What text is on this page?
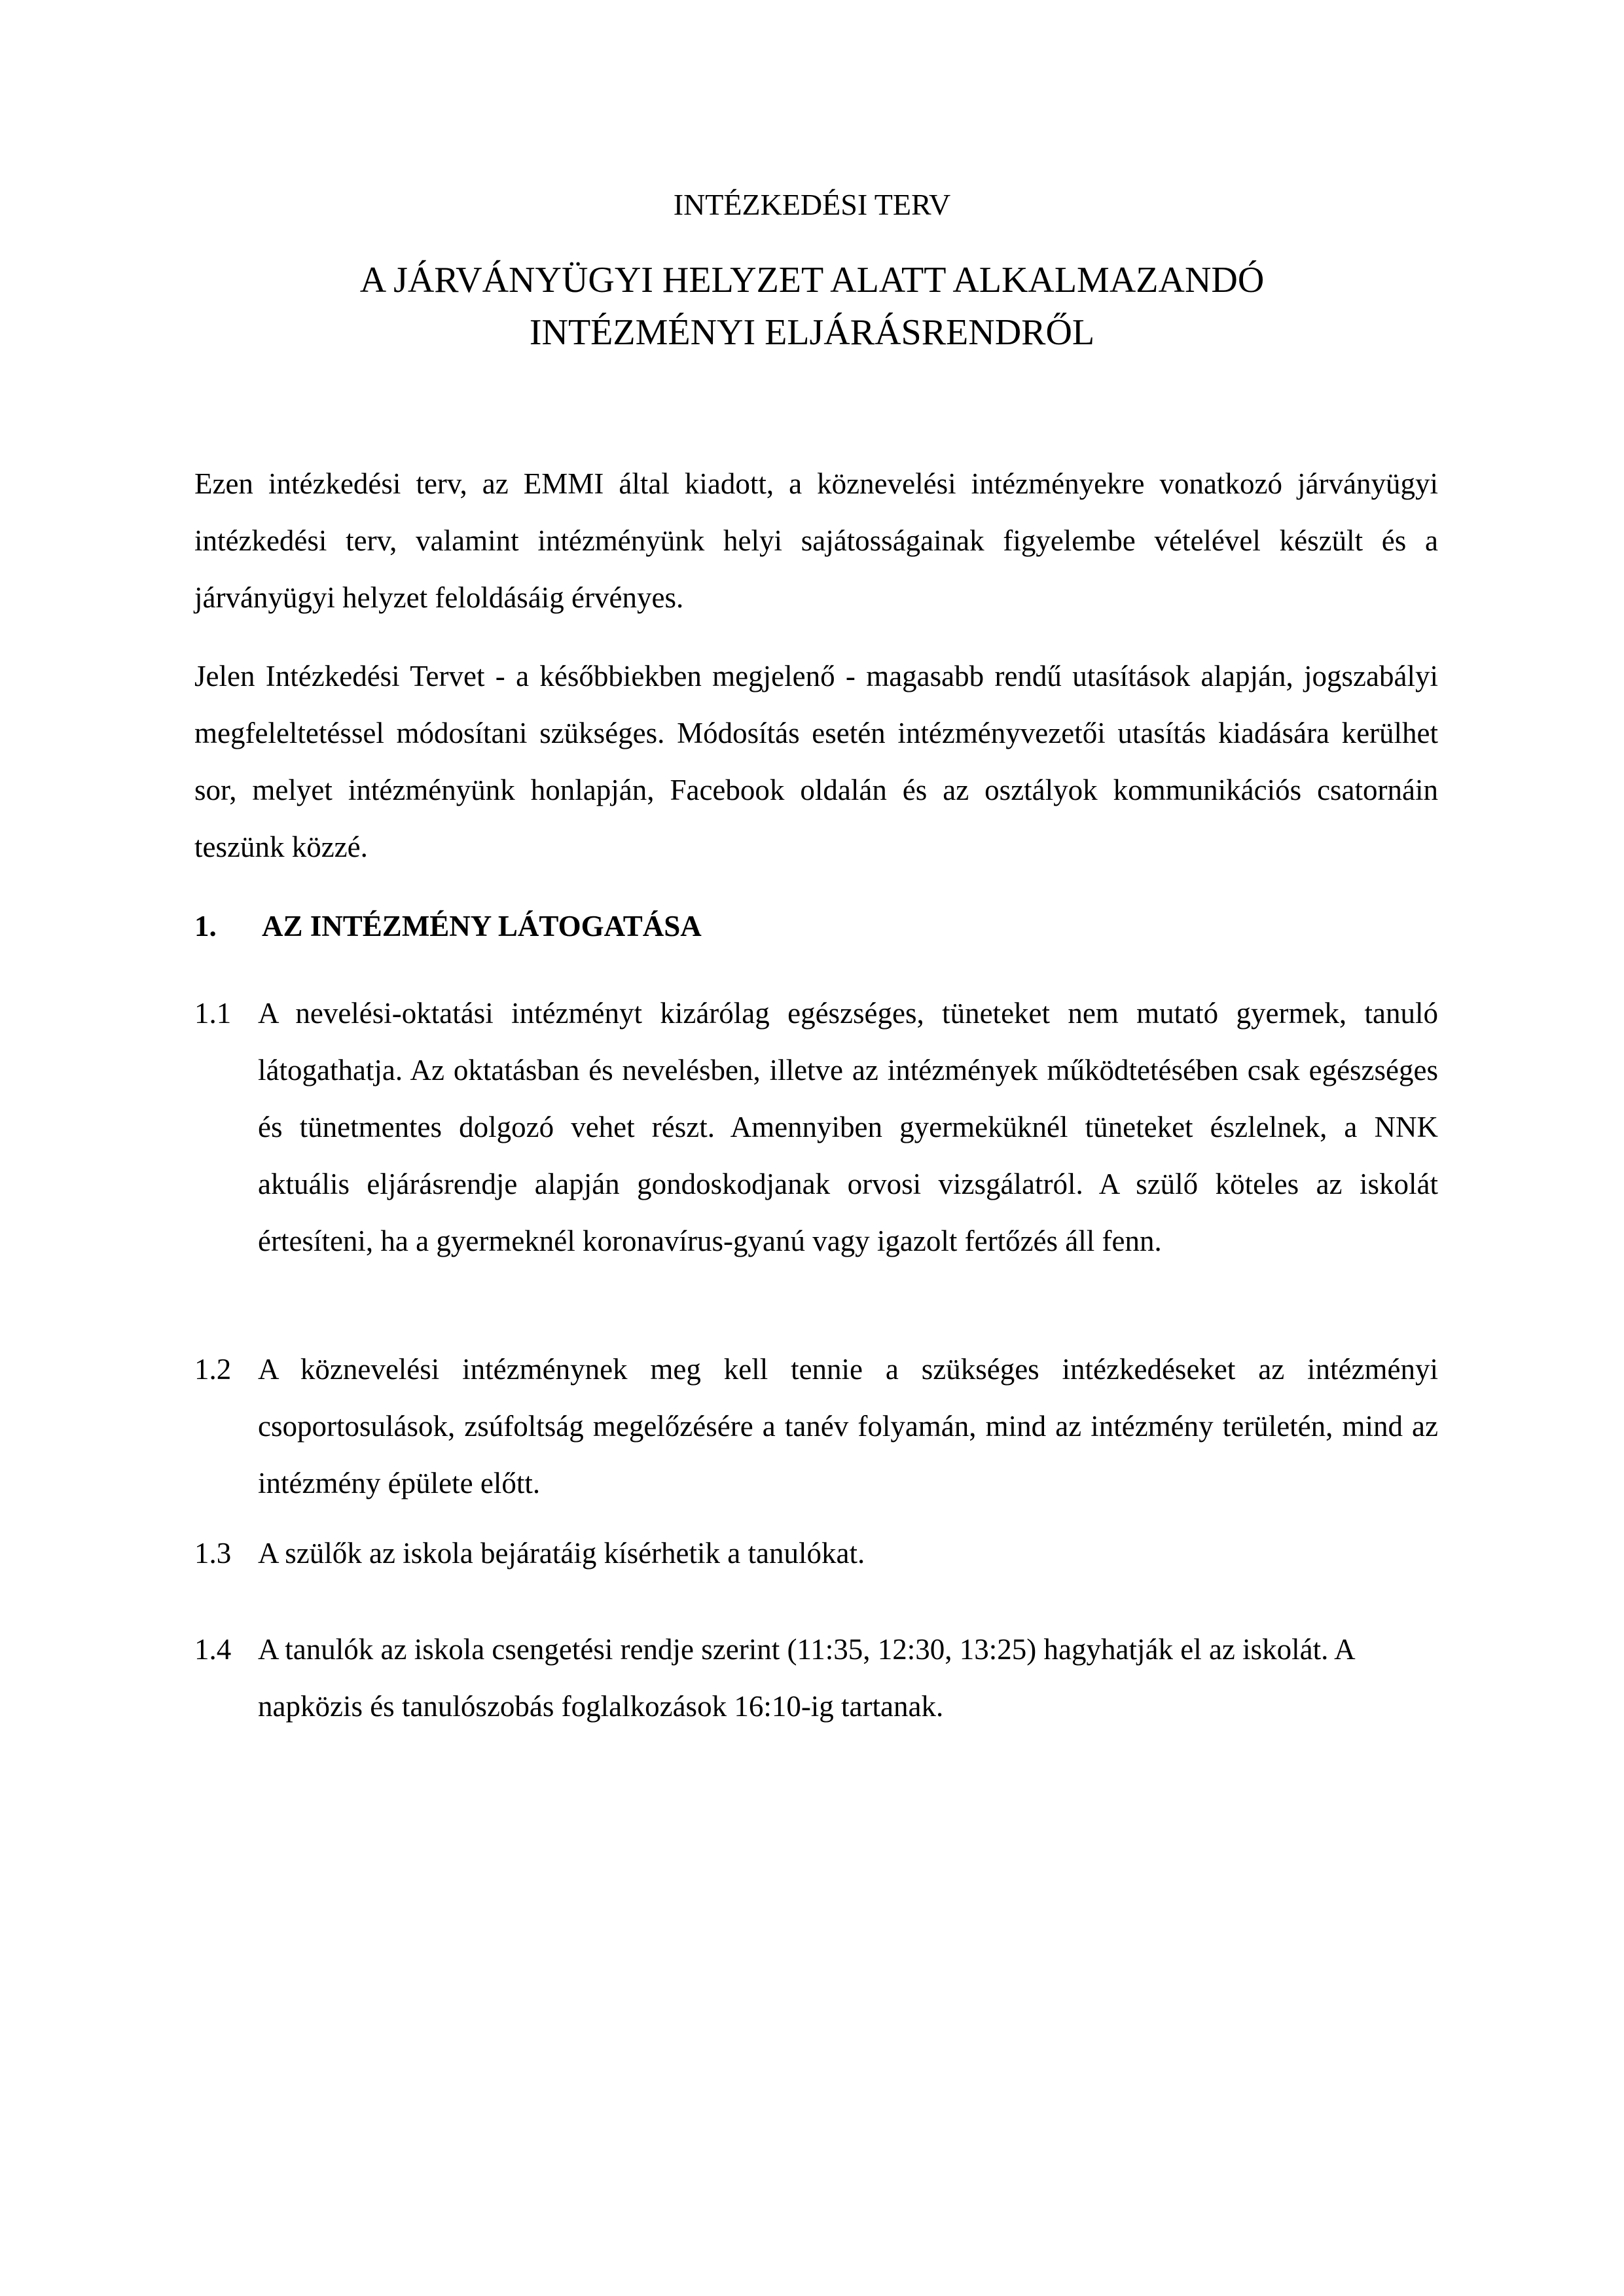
INTÉZKEDÉSI TERV
A JÁRVÁNYÜGYI HELYZET ALATT ALKALMAZANDÓ
INTÉZMÉNYI ELJÁRÁSRENDRŐL
Ezen intézkedési terv, az EMMI által kiadott, a köznevelési intézményekre vonatkozó járványügyi intézkedési terv, valamint intézményünk helyi sajátosságainak figyelembe vételével készült és a járványügyi helyzet feloldásáig érvényes.
Jelen Intézkedési Tervet - a későbbiekben megjelenő - magasabb rendű utasítások alapján, jogszabályi megfeleltetéssel módosítani szükséges. Módosítás esetén intézményvezetői utasítás kiadására kerülhet sor, melyet intézményünk honlapján, Facebook oldalán és az osztályok kommunikációs csatornáin teszünk közzé.
1. AZ INTÉZMÉNY LÁTOGATÁSA
1.1 A nevelési-oktatási intézményt kizárólag egészséges, tüneteket nem mutató gyermek, tanuló látogathatja. Az oktatásban és nevelésben, illetve az intézmények működtetésében csak egészséges és tünetmentes dolgozó vehet részt. Amennyiben gyermeküknél tüneteket észlelnek, a NNK aktuális eljárásrendje alapján gondoskodjanak orvosi vizsgálatról. A szülő köteles az iskolát értesíteni, ha a gyermeknél koronavírus-gyanú vagy igazolt fertőzés áll fenn.
1.2 A köznevelési intézménynek meg kell tennie a szükséges intézkedéseket az intézményi csoportosulások, zsúfoltság megelőzésére a tanév folyamán, mind az intézmény területén, mind az intézmény épülete előtt.
1.3 A szülők az iskola bejáratáig kísérhetik a tanulókat.
1.4 A tanulók az iskola csengetési rendje szerint (11:35, 12:30, 13:25) hagyhatják el az iskolát. A napközis és tanulószobás foglalkozások 16:10-ig tartanak.
